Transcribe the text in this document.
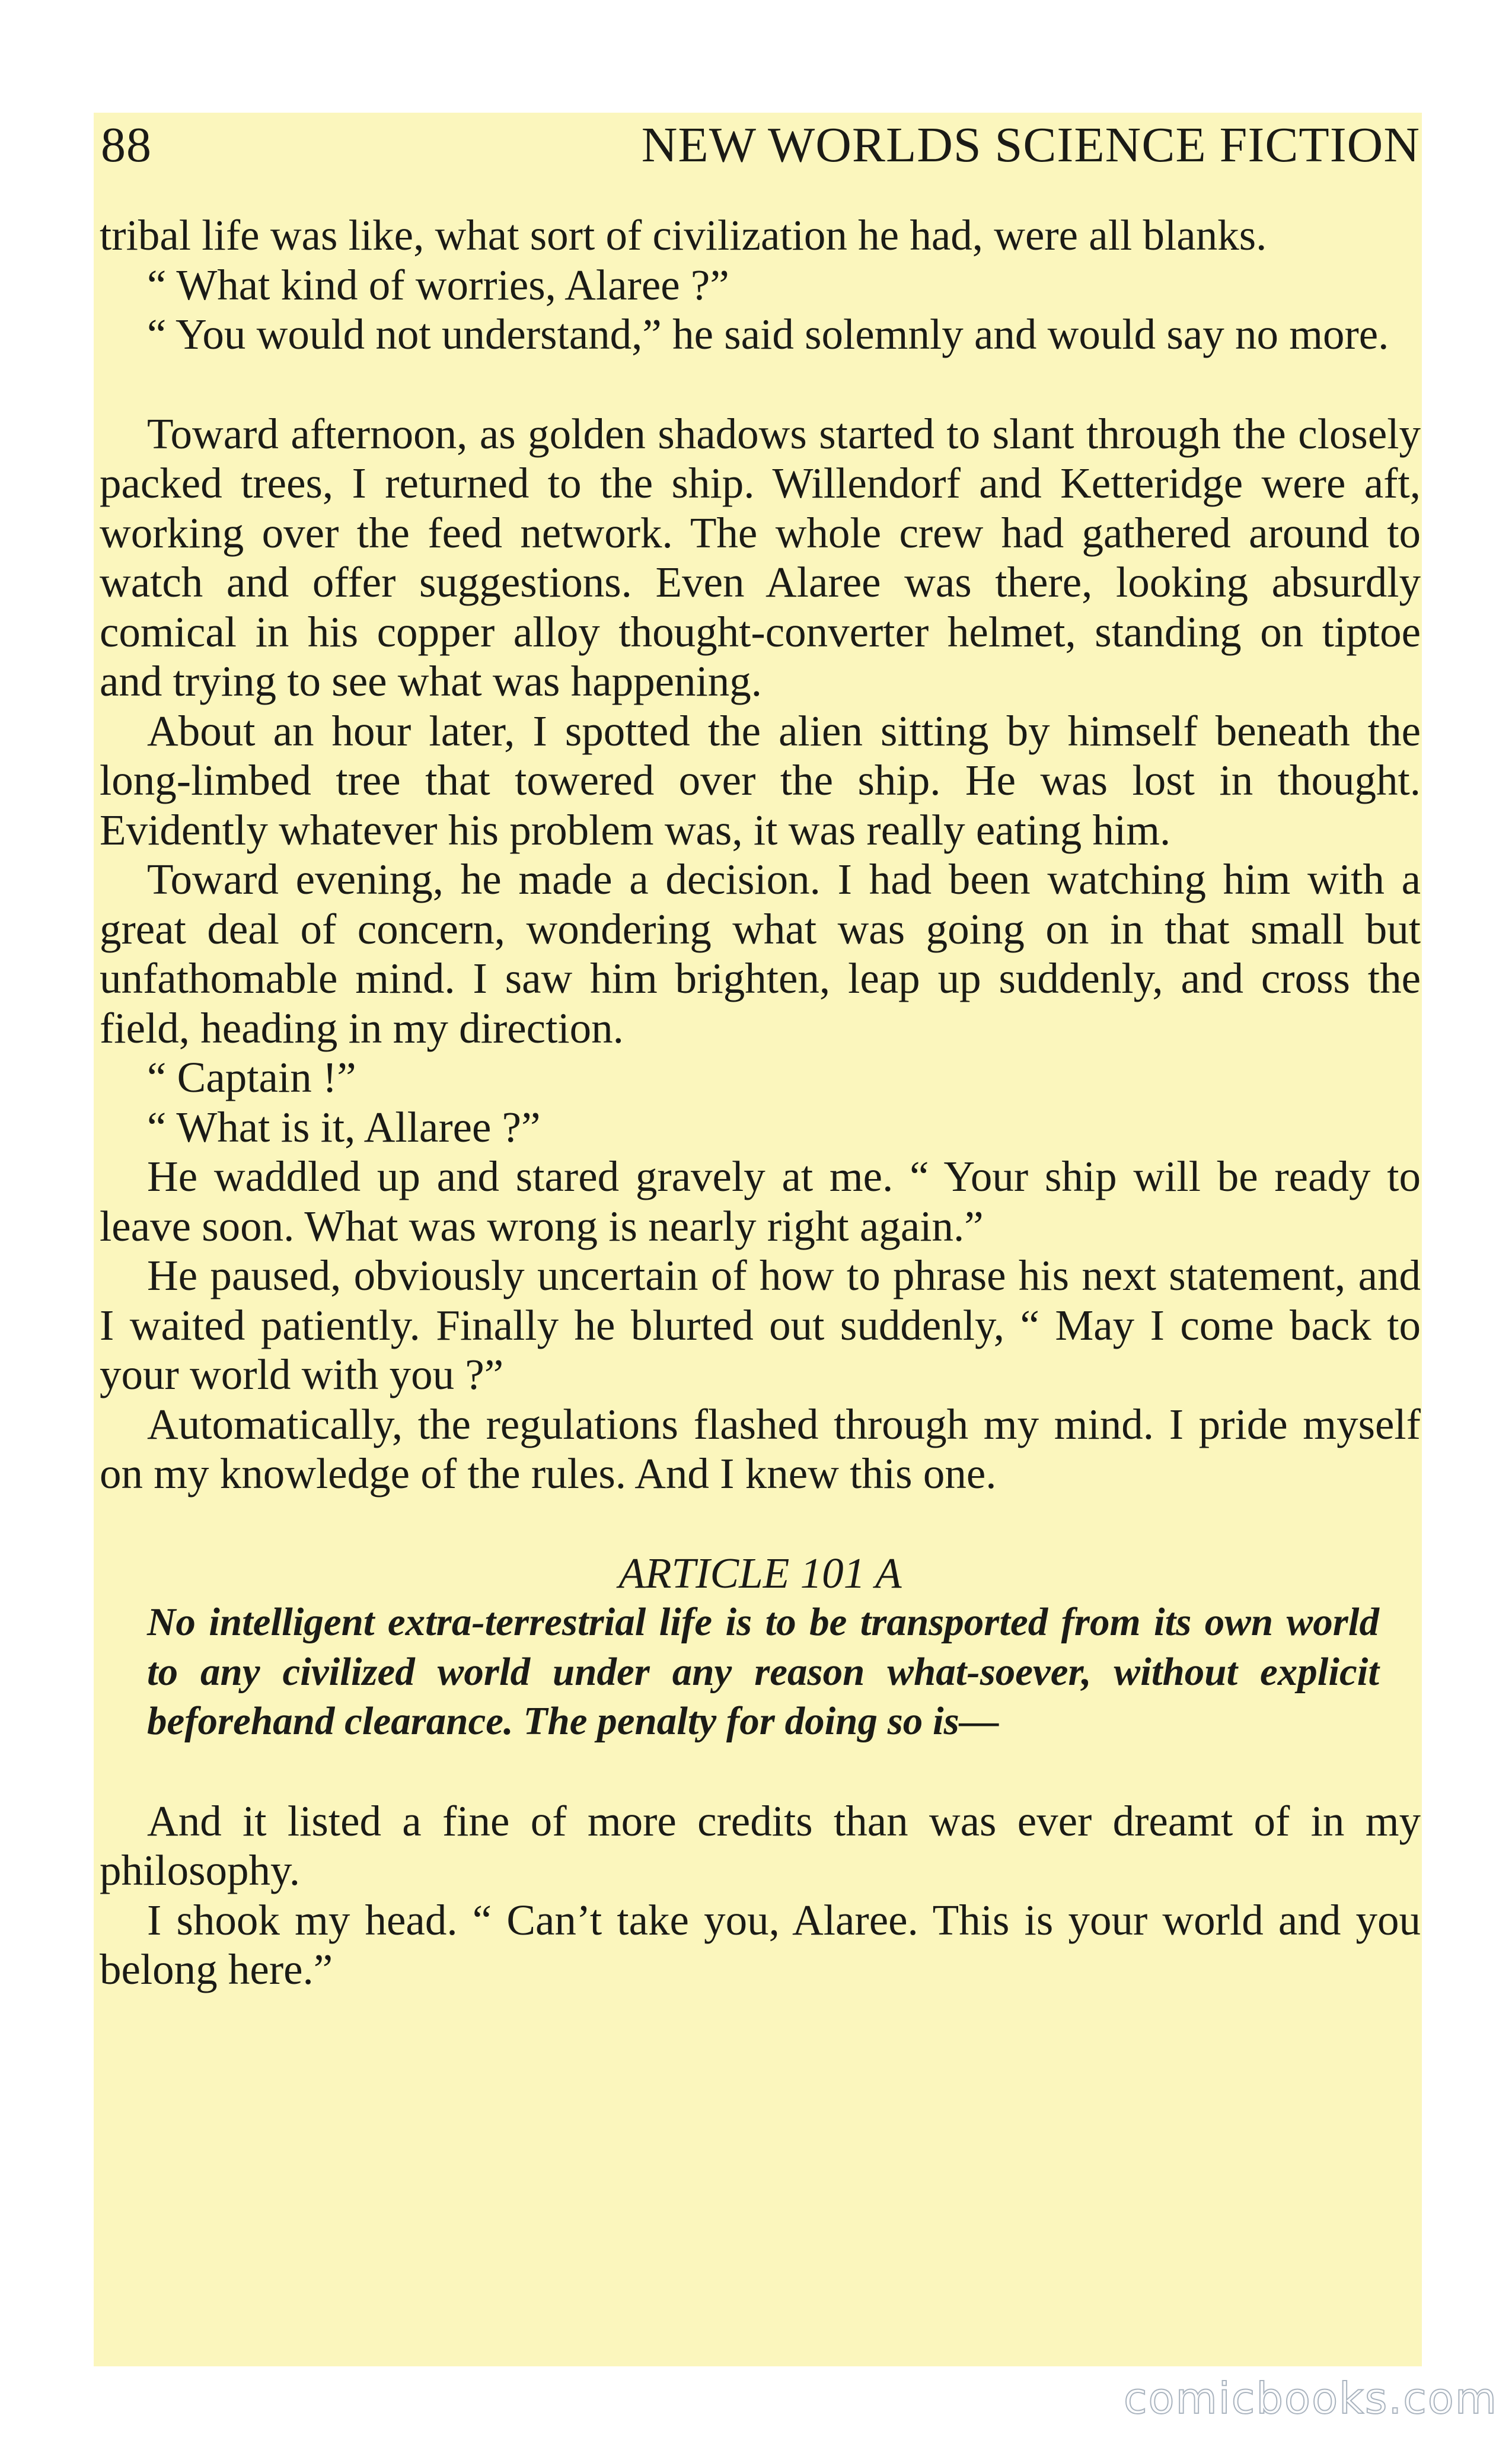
88	NEW WORLDS SCIENCE FICTION

tribal life was like, what sort of civilization he had, were all blanks.

“ What kind of worries, Alaree ?”

“ You would not understand,” he said solemnly and would say no more.

Toward afternoon, as golden shadows started to slant through the closely packed trees, I returned to the ship. Willendorf and Ketteridge were aft, working over the feed network. The whole crew had gathered around to watch and offer suggestions. Even Alaree was there, looking absurdly comical in his copper alloy thought-converter helmet, standing on tiptoe and trying to see what was happening.

About an hour later, I spotted the alien sitting by himself beneath the long-limbed tree that towered over the ship. He was lost in thought. Evidently whatever his problem was, it was really eating him.

Toward evening, he made a decision. I had been watching him with a great deal of concern, wondering what was going on in that small but unfathomable mind. I saw him brighten, leap up suddenly, and cross the field, heading in my direction.

“ Captain !”

“ What is it, Allaree ?”

He waddled up and stared gravely at me. “ Your ship will be ready to leave soon. What was wrong is nearly right again.”

He paused, obviously uncertain of how to phrase his next statement, and I waited patiently. Finally he blurted out suddenly, “ May I come back to your world with you ?”

Automatically, the regulations flashed through my mind. I pride myself on my knowledge of the rules. And I knew this one.

ARTICLE 101 A
No intelligent extra-terrestrial life is to be transported from its own world to any civilized world under any reason what-soever, without explicit beforehand clearance. The penalty for doing so is—

And it listed a fine of more credits than was ever dreamt of in my philosophy.

I shook my head. “ Can’t take you, Alaree. This is your world and you belong here.”

comicbooks.com
